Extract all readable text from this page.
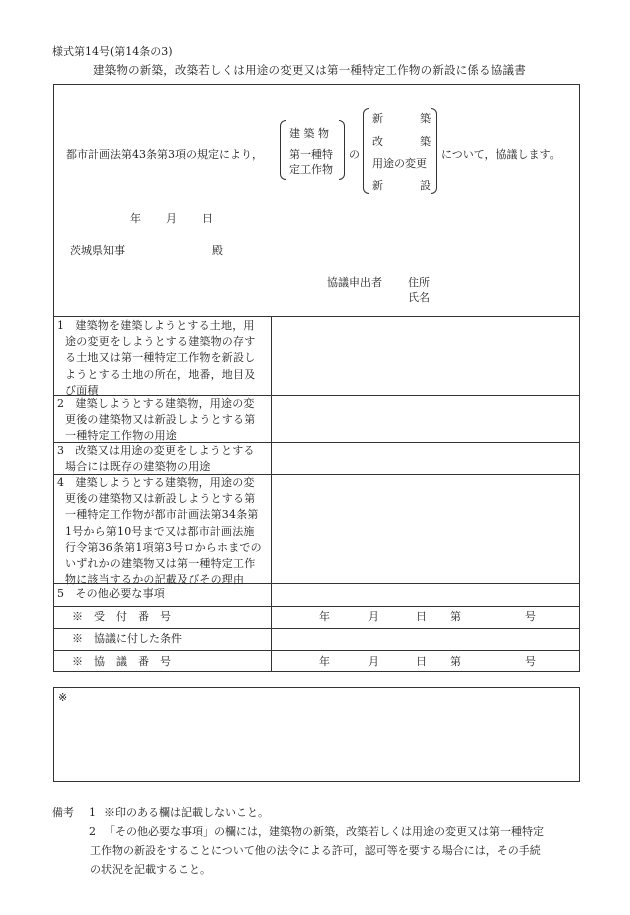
様式第14号(第14条の3)
建築物の新築，改築若しくは用途の変更又は第一種特定工作物の新設に係る協議書
都市計画法第43条第3項の規定により，
建 築 物
第一種特
定工作物
の
新	築
改	築
用途の変更
新	設
について，協議します。
年 月 日
茨城県知事	殿
協議申出者 住所
氏名
1　建築物を建築しようとする土地，用
途の変更をしようとする建築物の存す
る土地又は第一種特定工作物を新設し
ようとする土地の所在，地番，地目及
び面積
2　建築しようとする建築物，用途の変
更後の建築物又は新設しようとする第
一種特定工作物の用途
3　改築又は用途の変更をしようとする
場合には既存の建築物の用途
4　建築しようとする建築物，用途の変
更後の建築物又は新設しようとする第
一種特定工作物が都市計画法第34条第
1号から第10号まで又は都市計画法施
行令第36条第1項第3号ロからホまでの
いずれかの建築物又は第一種特定工作
物に該当するかの記載及びその理由
5　その他必要な事項
※　受　付　番　号	年	月	日 第	号
※　協議に付した条件
※　協　議　番　号	年	月	日 第	号
※
備考 1 ※印のある欄は記載しないこと。
2 「その他必要な事項」の欄には，建築物の新築，改築若しくは用途の変更又は第一種特定
工作物の新設をすることについて他の法令による許可，認可等を要する場合には，その手続
の状況を記載すること。
